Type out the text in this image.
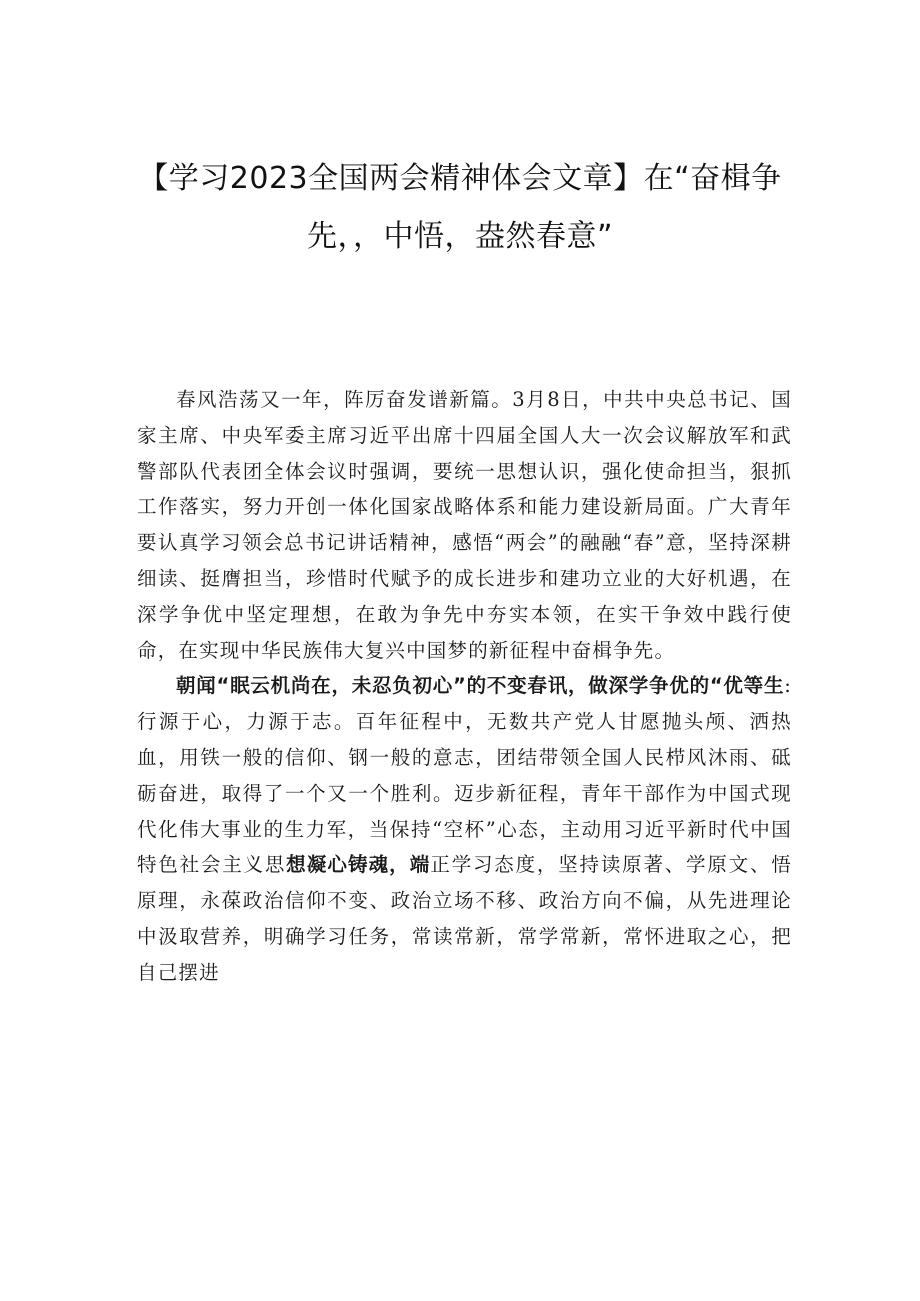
【学习2023全国两会精神体会文章】在“奋楫争先，，中悟，盎然春意”

春风浩荡又一年，阵厉奋发谱新篇。3月8日，中共中央总书记、国家主席、中央军委主席习近平出席十四届全国人大一次会议解放军和武警部队代表团全体会议时强调，要统一思想认识，强化使命担当，狠抓工作落实，努力开创一体化国家战略体系和能力建设新局面。广大青年要认真学习领会总书记讲话精神，感悟“两会”的融融“春”意，坚持深耕细读、挺膺担当，珍惜时代赋予的成长进步和建功立业的大好机遇，在深学争优中坚定理想，在敢为争先中夯实本领，在实干争效中践行使命，在实现中华民族伟大复兴中国梦的新征程中奋楫争先。

朝闻“眠云机尚在，未忍负初心”的不变春讯，做深学争优的“优等生:行源于心，力源于志。百年征程中，无数共产党人甘愿抛头颅、洒热血，用铁一般的信仰、钢一般的意志，团结带领全国人民栉风沐雨、砥砺奋进，取得了一个又一个胜利。迈步新征程，青年干部作为中国式现代化伟大事业的生力军，当保持“空杯”心态，主动用习近平新时代中国特色社会主义思想凝心铸魂，端正学习态度，坚持读原著、学原文、悟原理，永葆政治信仰不变、政治立场不移、政治方向不偏，从先进理论中汲取营养，明确学习任务，常读常新，常学常新，常怀进取之心，把自己摆进
